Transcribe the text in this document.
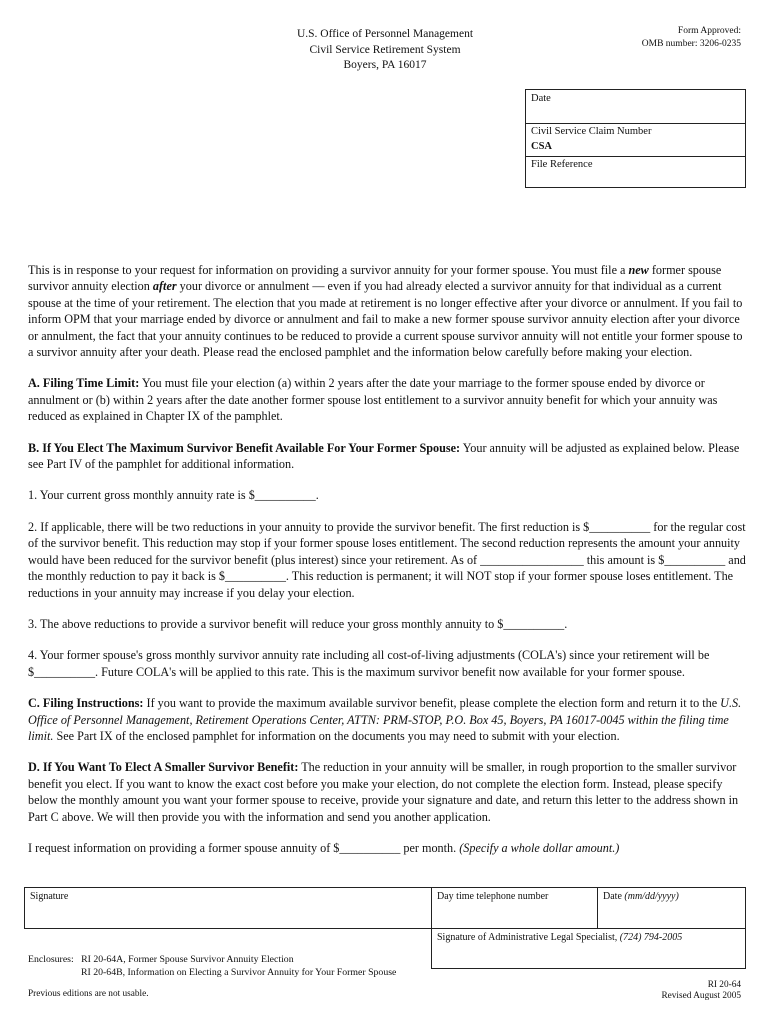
U.S. Office of Personnel Management
Civil Service Retirement System
Boyers, PA 16017
Form Approved:
OMB number: 3206-0235
Date
Civil Service Claim Number
CSA
File Reference

This is in response to your request for information on providing a survivor annuity for your former spouse. You must file a new former spouse survivor annuity election after your divorce or annulment — even if you had already elected a survivor annuity for that individual as a current spouse at the time of your retirement. The election that you made at retirement is no longer effective after your divorce or annulment. If you fail to inform OPM that your marriage ended by divorce or annulment and fail to make a new former spouse survivor annuity election after your divorce or annulment, the fact that your annuity continues to be reduced to provide a current spouse survivor annuity will not entitle your former spouse to a survivor annuity after your death. Please read the enclosed pamphlet and the information below carefully before making your election.

A. Filing Time Limit: You must file your election (a) within 2 years after the date your marriage to the former spouse ended by divorce or annulment or (b) within 2 years after the date another former spouse lost entitlement to a survivor annuity benefit for which your annuity was reduced as explained in Chapter IX of the pamphlet.

B. If You Elect The Maximum Survivor Benefit Available For Your Former Spouse: Your annuity will be adjusted as explained below. Please see Part IV of the pamphlet for additional information.

1. Your current gross monthly annuity rate is $__________.

2. If applicable, there will be two reductions in your annuity to provide the survivor benefit. The first reduction is $__________ for the regular cost of the survivor benefit. This reduction may stop if your former spouse loses entitlement. The second reduction represents the amount your annuity would have been reduced for the survivor benefit (plus interest) since your retirement. As of _________________ this amount is $__________ and the monthly reduction to pay it back is $__________. This reduction is permanent; it will NOT stop if your former spouse loses entitlement. The reductions in your annuity may increase if you delay your election.

3. The above reductions to provide a survivor benefit will reduce your gross monthly annuity to $__________.

4. Your former spouse's gross monthly survivor annuity rate including all cost-of-living adjustments (COLA's) since your retirement will be $__________. Future COLA's will be applied to this rate. This is the maximum survivor benefit now available for your former spouse.

C. Filing Instructions: If you want to provide the maximum available survivor benefit, please complete the election form and return it to the U.S. Office of Personnel Management, Retirement Operations Center, ATTN: PRM-STOP, P.O. Box 45, Boyers, PA 16017-0045 within the filing time limit. See Part IX of the enclosed pamphlet for information on the documents you may need to submit with your election.

D. If You Want To Elect A Smaller Survivor Benefit: The reduction in your annuity will be smaller, in rough proportion to the smaller survivor benefit you elect. If you want to know the exact cost before you make your election, do not complete the election form. Instead, please specify below the monthly amount you want your former spouse to receive, provide your signature and date, and return this letter to the address shown in Part C above. We will then provide you with the information and send you another application.

I request information on providing a former spouse annuity of $__________ per month. (Specify a whole dollar amount.)

Signature	Day time telephone number	Date (mm/dd/yyyy)
Signature of Administrative Legal Specialist, (724) 794-2005
Enclosures: RI 20-64A, Former Spouse Survivor Annuity Election
RI 20-64B, Information on Electing a Survivor Annuity for Your Former Spouse
RI 20-64
Revised August 2005
Previous editions are not usable.
